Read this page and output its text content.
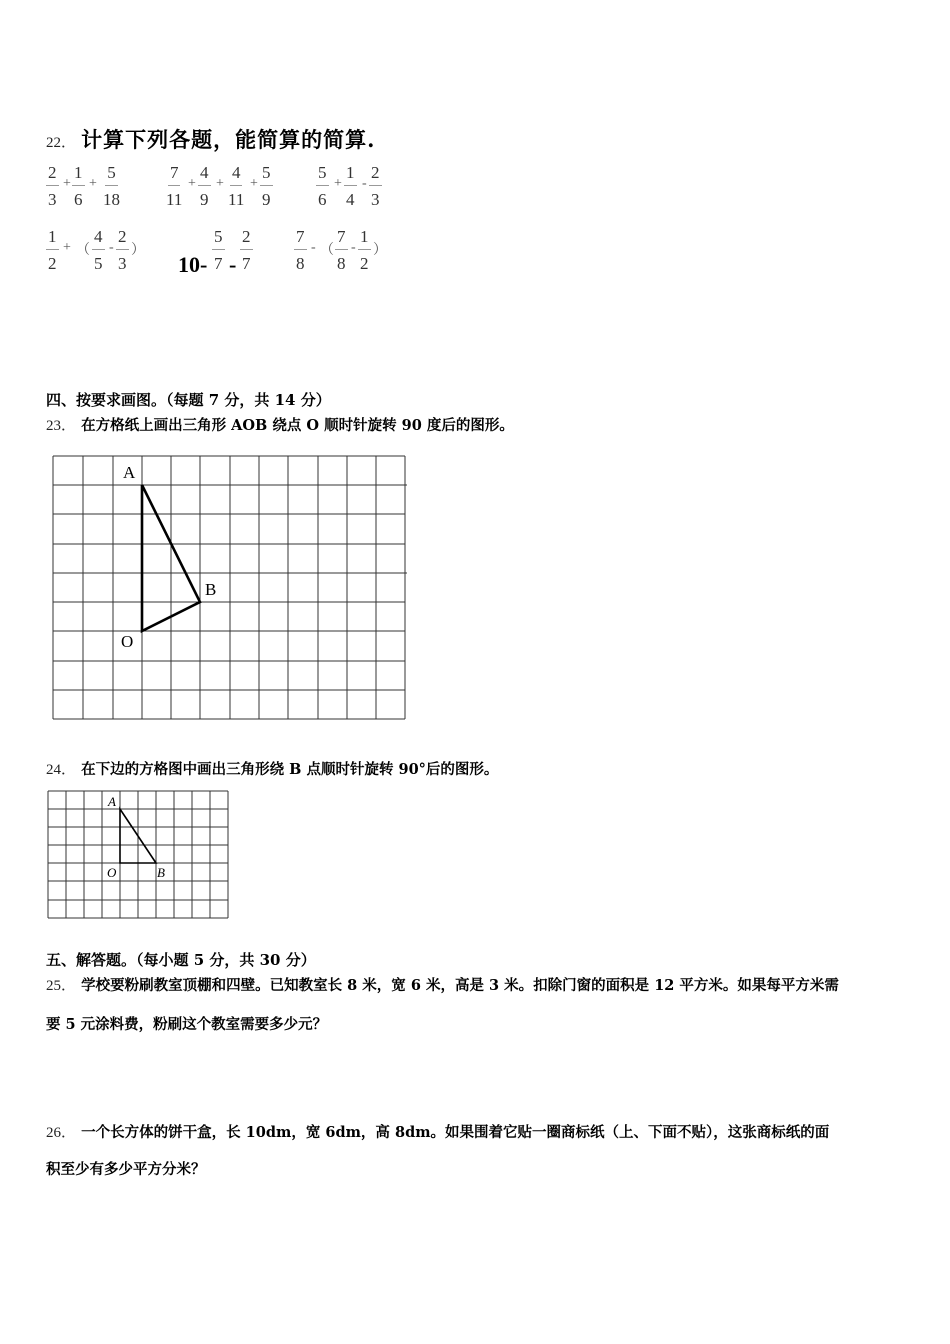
22． 计算下列各题，能简算的简算.
$\frac{2}{3} + \frac{1}{6} + \frac{5}{18} \frac{7}{11} + \frac{4}{9} + \frac{4}{11} + \frac{5}{9}$	$\frac{5}{6} + \frac{1}{4} - \frac{2}{3}$
$\frac{1}{2}$ + （ $\frac{4}{5} - \frac{2}{3}$ ）
$10- \frac{5}{7} - \frac{2}{7} \frac{7}{8}$ - （ $\frac{7}{8} - \frac{1}{2}$ ）
四、按要求画图。（每题 7 分，共 14 分）
23． 在方格纸上画出三角形 AOB 绕点 O 顺时针旋转 90 度后的图形。
A
B
O
A
O	B
24． 在下边的方格图中画出三角形绕 B 点顺时针旋转 90°后的图形。
五、解答题。（每小题 5 分，共 30 分）
25． 学校要粉刷教室顶棚和四壁。已知教室长 8 米，宽 6 米，高是 3 米。扣除门窗的面积是 12 平方米。如果每平方米需
要 5 元涂料费，粉刷这个教室需要多少元？
26． 一个长方体的饼干盒，长 10dm，宽 6dm，高 8dm。如果围着它贴一圈商标纸（上、下面不贴），这张商标纸的面
积至少有多少平方分米？
